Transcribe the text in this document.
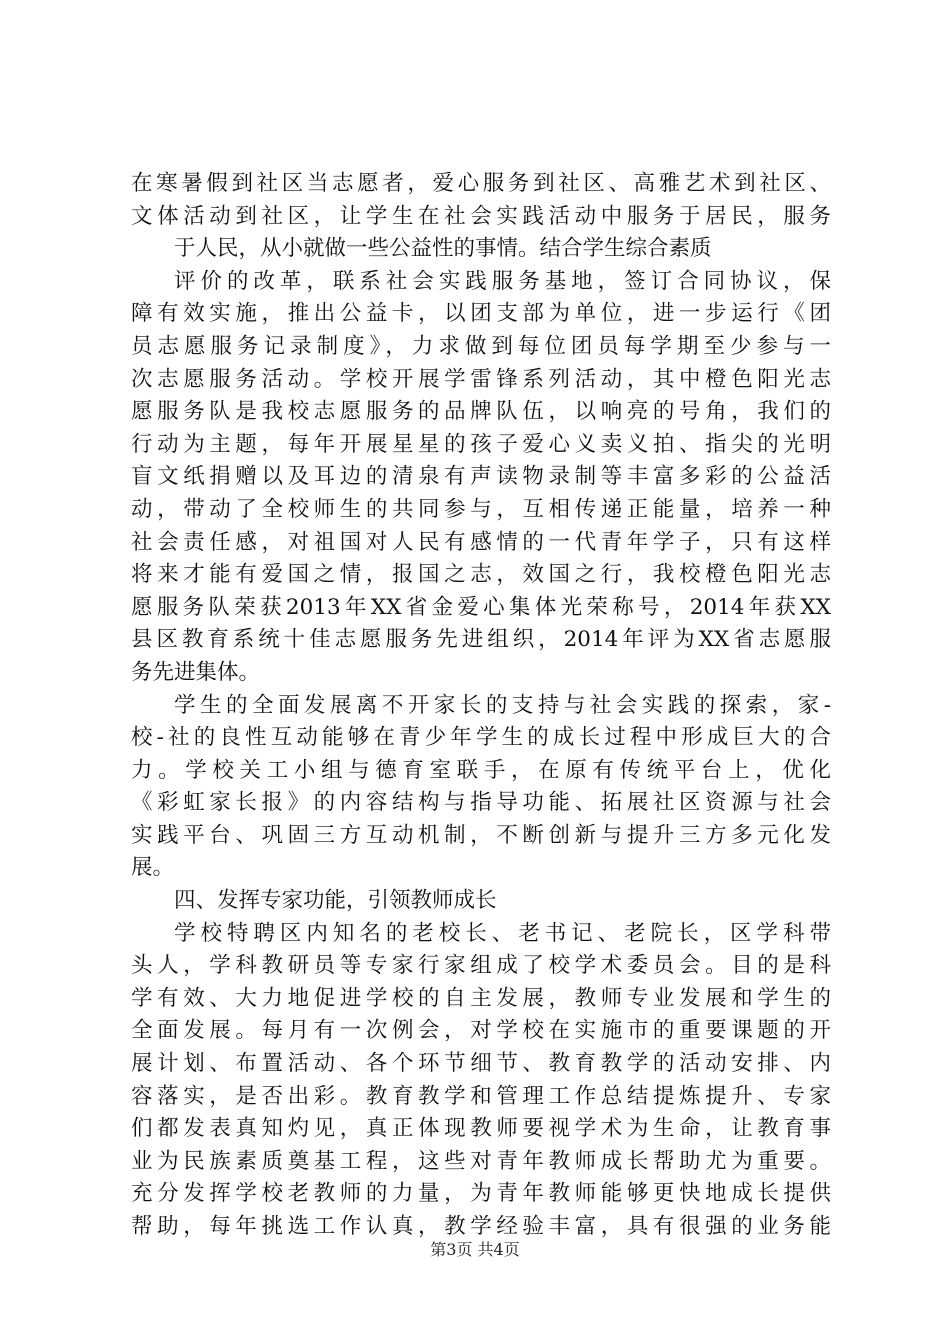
在寒暑假到社区当志愿者，爱心服务到社区、高雅艺术到社区、
文体活动到社区，让学生在社会实践活动中服务于居民，服务
于人民，从小就做一些公益性的事情。结合学生综合素质
评价的改革，联系社会实践服务基地，签订合同协议，保
障有效实施，推出公益卡，以团支部为单位，进一步运行《团
员志愿服务记录制度》，力求做到每位团员每学期至少参与一
次志愿服务活动。学校开展学雷锋系列活动，其中橙色阳光志
愿服务队是我校志愿服务的品牌队伍，以响亮的号角，我们的
行动为主题，每年开展星星的孩子爱心义卖义拍、指尖的光明
盲文纸捐赠以及耳边的清泉有声读物录制等丰富多彩的公益活
动，带动了全校师生的共同参与，互相传递正能量，培养一种
社会责任感，对祖国对人民有感情的一代青年学子，只有这样
将来才能有爱国之情，报国之志，效国之行，我校橙色阳光志
愿服务队荣获2013年XX省金爱心集体光荣称号，2014年获XX
县区教育系统十佳志愿服务先进组织，2014年评为XX省志愿服
务先进集体。
学生的全面发展离不开家长的支持与社会实践的探索，家-
校-社的良性互动能够在青少年学生的成长过程中形成巨大的合
力。学校关工小组与德育室联手，在原有传统平台上，优化
《彩虹家长报》的内容结构与指导功能、拓展社区资源与社会
实践平台、巩固三方互动机制，不断创新与提升三方多元化发
展。
四、发挥专家功能，引领教师成长
学校特聘区内知名的老校长、老书记、老院长，区学科带
头人，学科教研员等专家行家组成了校学术委员会。目的是科
学有效、大力地促进学校的自主发展，教师专业发展和学生的
全面发展。每月有一次例会，对学校在实施市的重要课题的开
展计划、布置活动、各个环节细节、教育教学的活动安排、内
容落实，是否出彩。教育教学和管理工作总结提炼提升、专家
们都发表真知灼见，真正体现教师要视学术为生命，让教育事
业为民族素质奠基工程，这些对青年教师成长帮助尤为重要。
充分发挥学校老教师的力量，为青年教师能够更快地成长提供
帮助，每年挑选工作认真，教学经验丰富，具有很强的业务能
第3页 共4页
